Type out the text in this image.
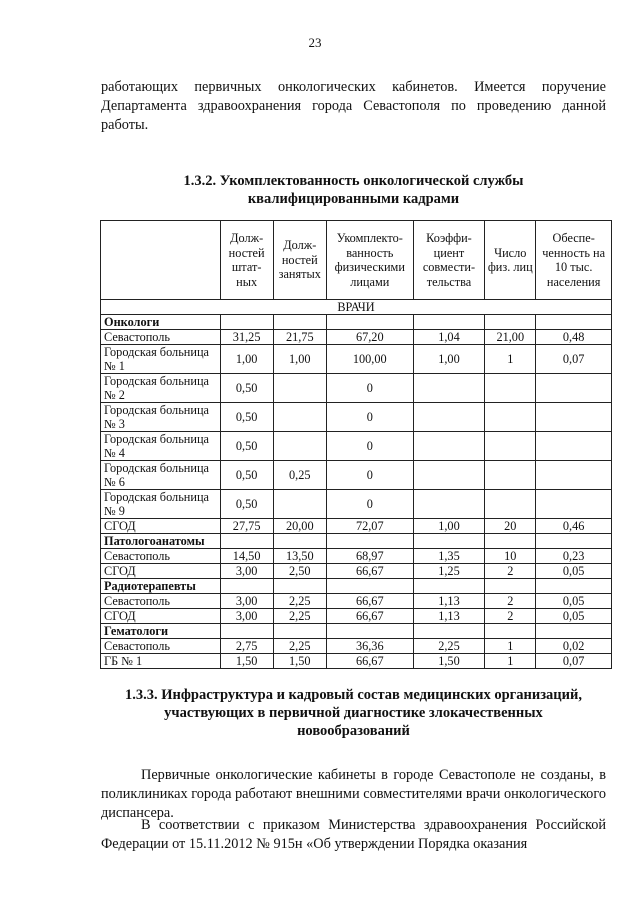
23

работающих первичных онкологических кабинетов. Имеется поручение Департамента здравоохранения города Севастополя по проведению данной работы.

1.3.2. Укомплектованность онкологической службы
квалифицированными кадрами
	Долж-ностей штат-ных	Долж-ностей занятых	Укомплекто-ванность физическими лицами	Коэффи-циент совмести-тельства	Число физ. лиц	Обеспе-ченность на 10 тыс. населения
ВРАЧИ						
Онкологи						
Севастополь	31,25	21,75	67,20	1,04	21,00	0,48
Городская больница № 1	1,00	1,00	100,00	1,00	1	0,07
Городская больница № 2	0,50		0			
Городская больница № 3	0,50		0			
Городская больница № 4	0,50		0			
Городская больница № 6	0,50	0,25	0			
Городская больница № 9	0,50		0			
СГОД	27,75	20,00	72,07	1,00	20	0,46
Патологоанатомы						
Севастополь	14,50	13,50	68,97	1,35	10	0,23
СГОД	3,00	2,50	66,67	1,25	2	0,05
Радиотерапевты						
Севастополь	3,00	2,25	66,67	1,13	2	0,05
СГОД	3,00	2,25	66,67	1,13	2	0,05
Гематологи						
Севастополь	2,75	2,25	36,36	2,25	1	0,02
ГБ № 1	1,50	1,50	66,67	1,50	1	0,07
1.3.3. Инфраструктура и кадровый состав медицинских организаций,
участвующих в первичной диагностике злокачественных
новообразований

Первичные онкологические кабинеты в городе Севастополе не созданы, в поликлиниках города работают внешними совместителями врачи онкологического диспансера.

В соответствии с приказом Министерства здравоохранения Российской Федерации от 15.11.2012 № 915н «Об утверждении Порядка оказания
